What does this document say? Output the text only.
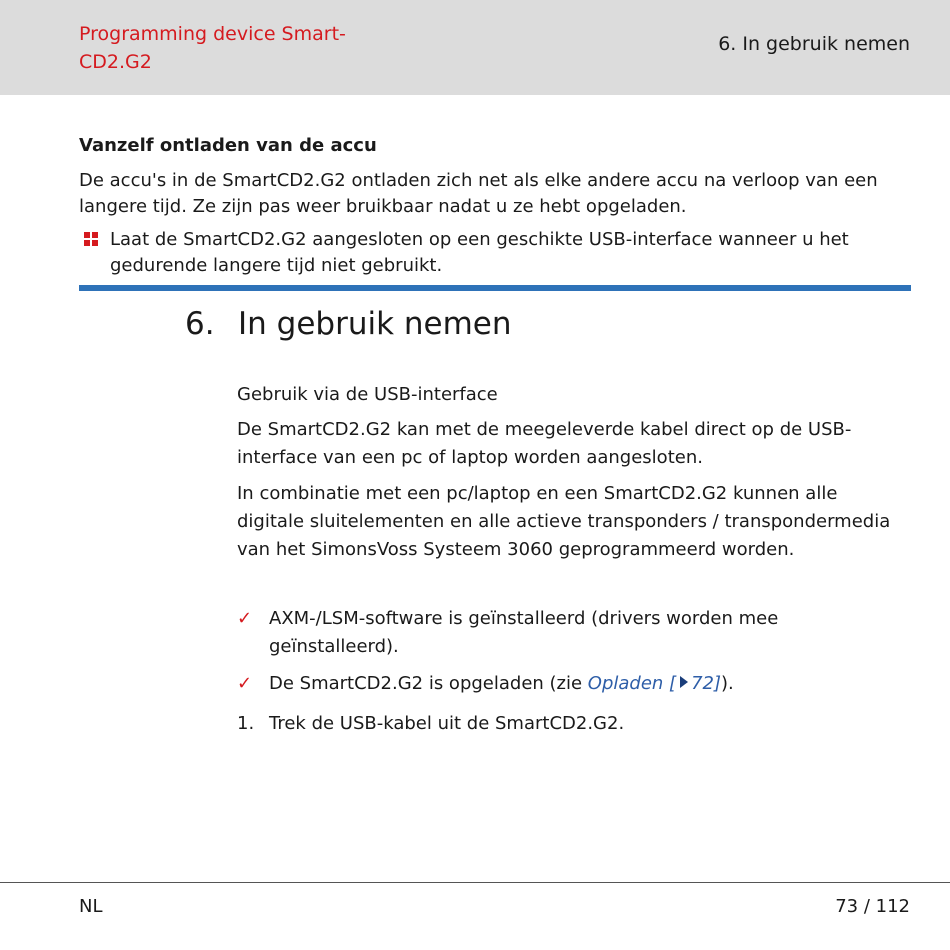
Programming device Smart-CD2.G2
6. In gebruik nemen
Vanzelf ontladen van de accu
De accu's in de SmartCD2.G2 ontladen zich net als elke andere accu na verloop van een langere tijd. Ze zijn pas weer bruikbaar nadat u ze hebt opgeladen.
Laat de SmartCD2.G2 aangesloten op een geschikte USB-interface wanneer u het gedurende langere tijd niet gebruikt.
6. In gebruik nemen
Gebruik via de USB-interface
De SmartCD2.G2 kan met de meegeleverde kabel direct op de USB-interface van een pc of laptop worden aangesloten.
In combinatie met een pc/laptop en een SmartCD2.G2 kunnen alle digitale sluitelementen en alle actieve transponders / transpondermedia van het SimonsVoss Systeem 3060 geprogrammeerd worden.
✓ AXM-/LSM-software is geïnstalleerd (drivers worden mee geïnstalleerd).
✓ De SmartCD2.G2 is opgeladen (zie Opladen [ 72]).
1. Trek de USB-kabel uit de SmartCD2.G2.
NL	73 / 112
